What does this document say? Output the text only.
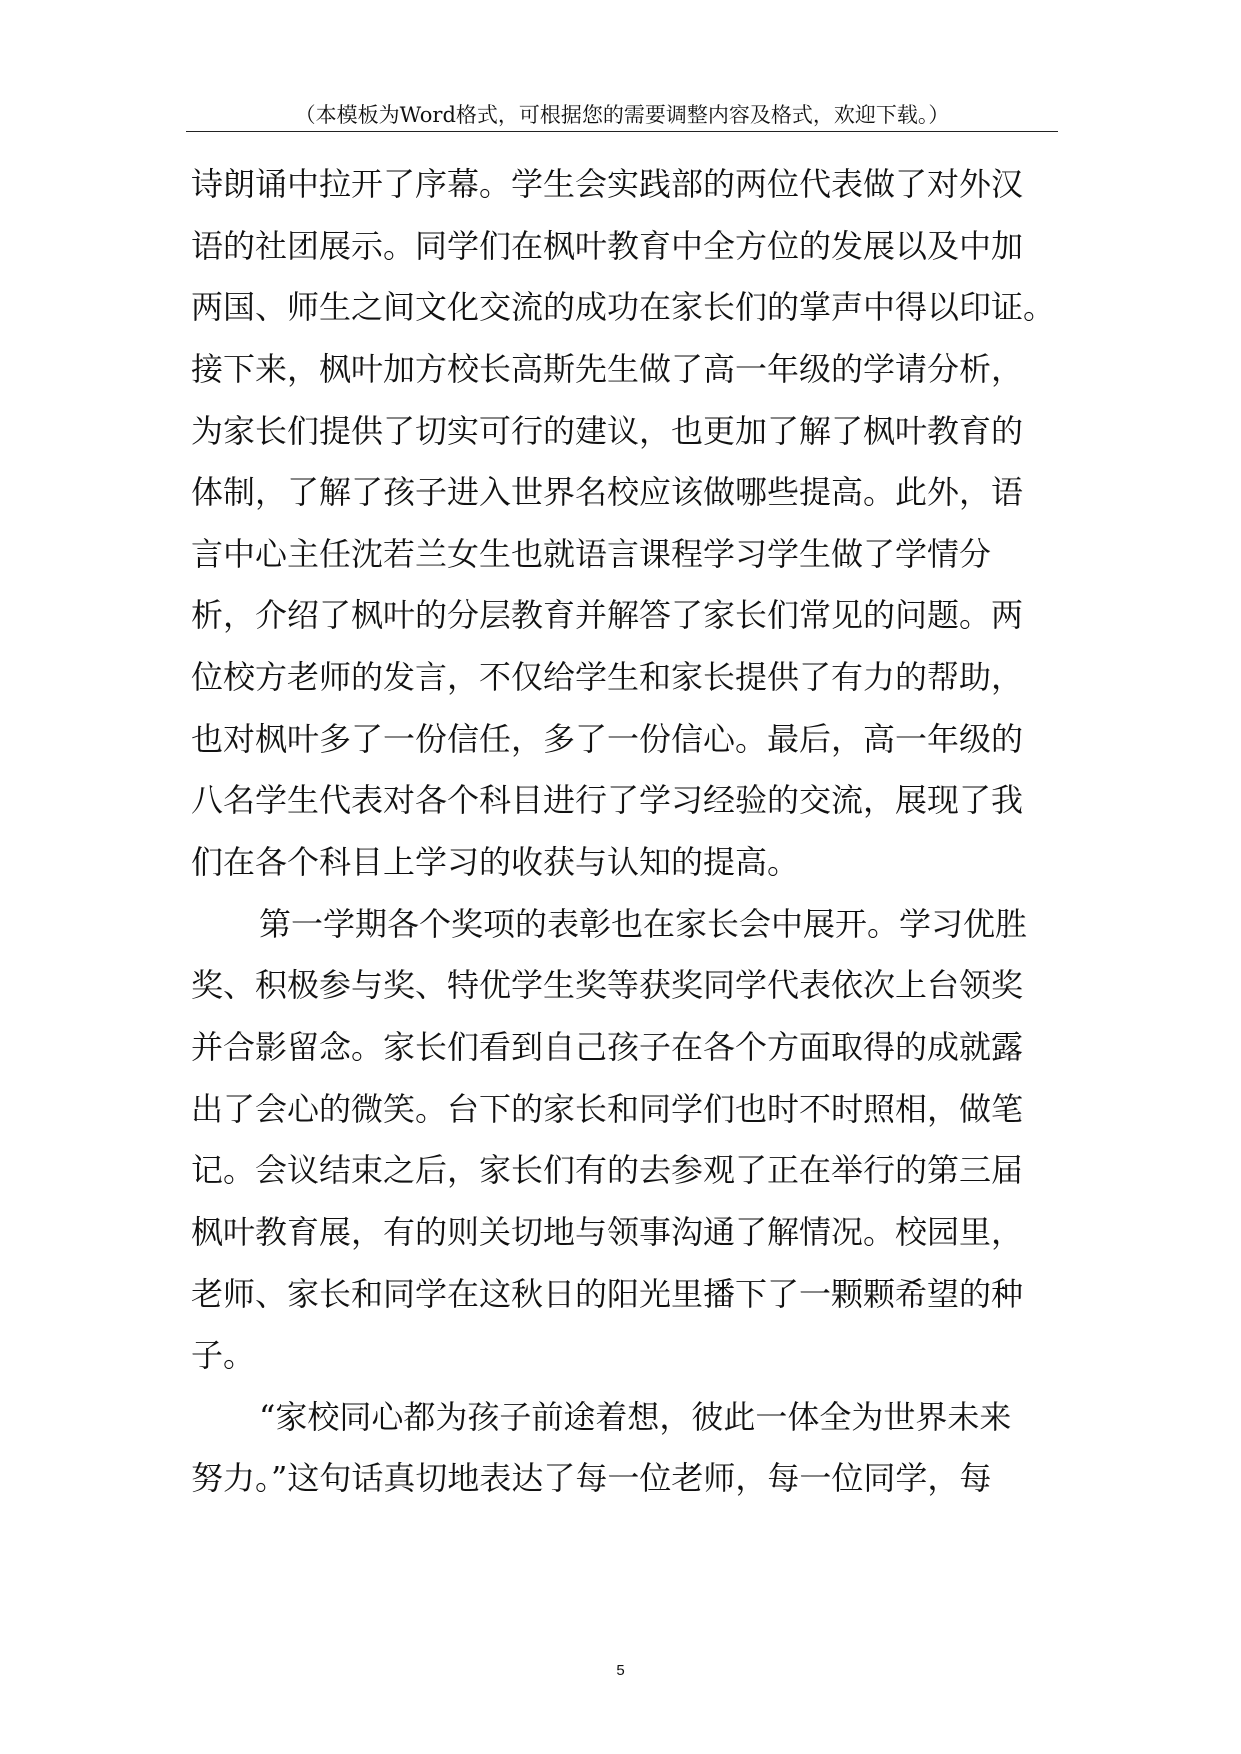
（本模板为Word格式，可根据您的需要调整内容及格式，欢迎下载。）
诗朗诵中拉开了序幕。学生会实践部的两位代表做了对外汉
语的社团展示。同学们在枫叶教育中全方位的发展以及中加
两国、师生之间文化交流的成功在家长们的掌声中得以印证。
接下来，枫叶加方校长高斯先生做了高一年级的学请分析，
为家长们提供了切实可行的建议，也更加了解了枫叶教育的
体制，了解了孩子进入世界名校应该做哪些提高。此外，语
言中心主任沈若兰女生也就语言课程学习学生做了学情分
析，介绍了枫叶的分层教育并解答了家长们常见的问题。两
位校方老师的发言，不仅给学生和家长提供了有力的帮助，
也对枫叶多了一份信任，多了一份信心。最后，高一年级的
八名学生代表对各个科目进行了学习经验的交流，展现了我
们在各个科目上学习的收获与认知的提高。
第一学期各个奖项的表彰也在家长会中展开。学习优胜
奖、积极参与奖、特优学生奖等获奖同学代表依次上台领奖
并合影留念。家长们看到自己孩子在各个方面取得的成就露
出了会心的微笑。台下的家长和同学们也时不时照相，做笔
记。会议结束之后，家长们有的去参观了正在举行的第三届
枫叶教育展，有的则关切地与领事沟通了解情况。校园里，
老师、家长和同学在这秋日的阳光里播下了一颗颗希望的种
子。
“家校同心都为孩子前途着想，彼此一体全为世界未来
努力。”这句话真切地表达了每一位老师，每一位同学，每
5
